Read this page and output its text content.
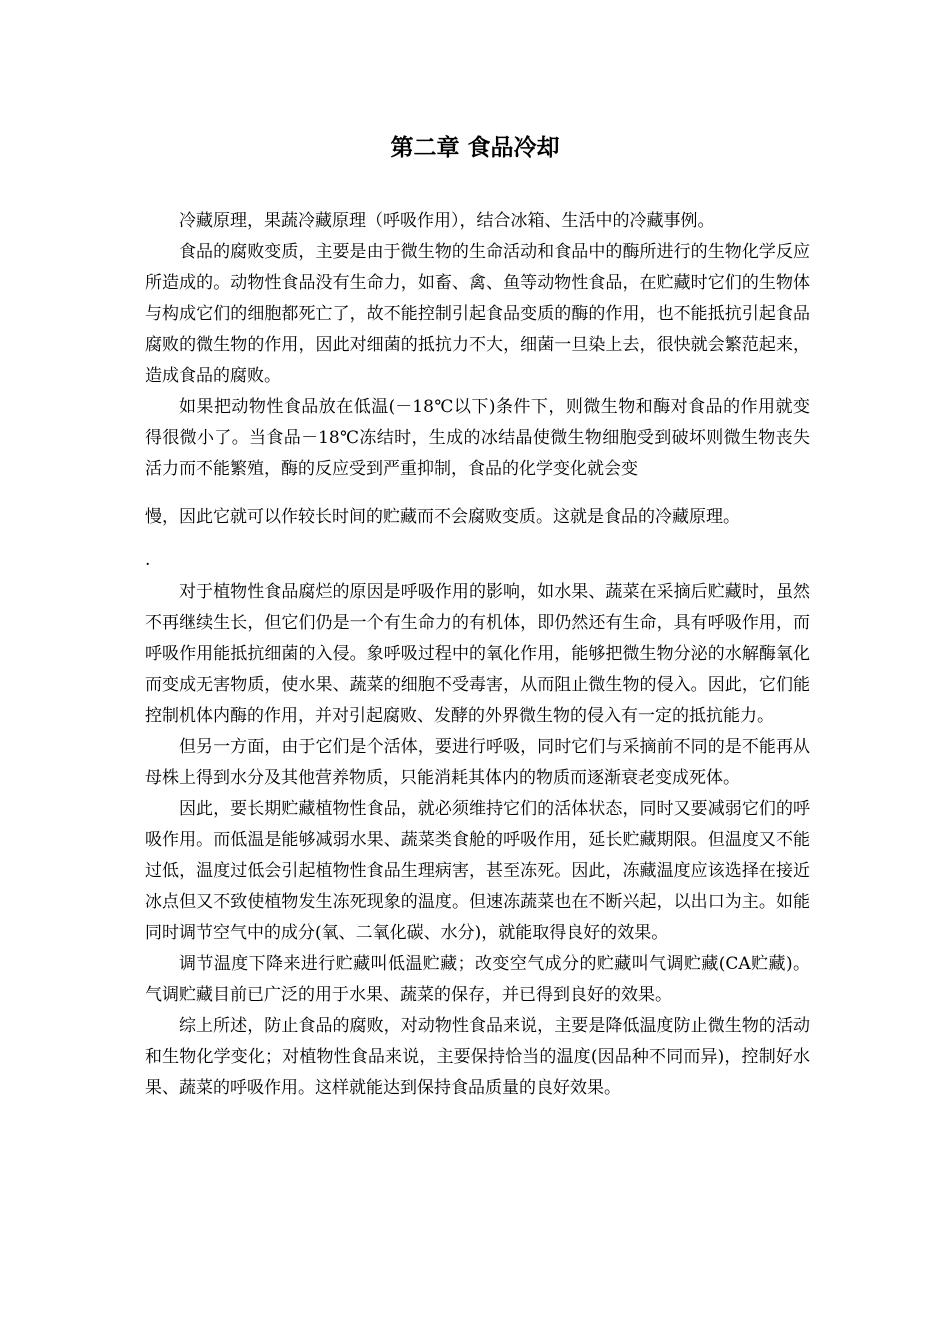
第二章 食品冷却

冷藏原理，果蔬冷藏原理（呼吸作用），结合冰箱、生活中的冷藏事例。

食品的腐败变质，主要是由于微生物的生命活动和食品中的酶所进行的生物化学反应所造成的。动物性食品没有生命力，如畜、禽、鱼等动物性食品，在贮藏时它们的生物体与构成它们的细胞都死亡了，故不能控制引起食品变质的酶的作用，也不能抵抗引起食品腐败的微生物的作用，因此对细菌的抵抗力不大，细菌一旦染上去，很快就会繁范起来，造成食品的腐败。

如果把动物性食品放在低温(－18℃以下)条件下，则微生物和酶对食品的作用就变得很微小了。当食品－18℃冻结时，生成的冰结晶使微生物细胞受到破坏则微生物丧失活力而不能繁殖，酶的反应受到严重抑制，食品的化学变化就会变

慢，因此它就可以作较长时间的贮藏而不会腐败变质。这就是食品的冷藏原理。

.

对于植物性食品腐烂的原因是呼吸作用的影响，如水果、蔬菜在采摘后贮藏时，虽然不再继续生长，但它们仍是一个有生命力的有机体，即仍然还有生命，具有呼吸作用，而呼吸作用能抵抗细菌的入侵。象呼吸过程中的氧化作用，能够把微生物分泌的水解酶氧化而变成无害物质，使水果、蔬菜的细胞不受毒害，从而阻止微生物的侵入。因此，它们能控制机体内酶的作用，并对引起腐败、发酵的外界微生物的侵入有一定的抵抗能力。

但另一方面，由于它们是个活体，要进行呼吸，同时它们与采摘前不同的是不能再从母株上得到水分及其他营养物质，只能消耗其体内的物质而逐渐衰老变成死体。

因此，要长期贮藏植物性食品，就必须维持它们的活体状态，同时又要减弱它们的呼吸作用。而低温是能够减弱水果、蔬菜类食舱的呼吸作用，延长贮藏期限。但温度又不能过低，温度过低会引起植物性食品生理病害，甚至冻死。因此，冻藏温度应该选择在接近冰点但又不致使植物发生冻死现象的温度。但速冻蔬菜也在不断兴起，以出口为主。如能同时调节空气中的成分(氧、二氧化碳、水分)，就能取得良好的效果。

调节温度下降来进行贮藏叫低温贮藏；改变空气成分的贮藏叫气调贮藏(CA贮藏)。气调贮藏目前已广泛的用于水果、蔬菜的保存，并已得到良好的效果。

综上所述，防止食品的腐败，对动物性食品来说，主要是降低温度防止微生物的活动和生物化学变化；对植物性食品来说，主要保持恰当的温度(因品种不同而异)，控制好水果、蔬菜的呼吸作用。这样就能达到保持食品质量的良好效果。
